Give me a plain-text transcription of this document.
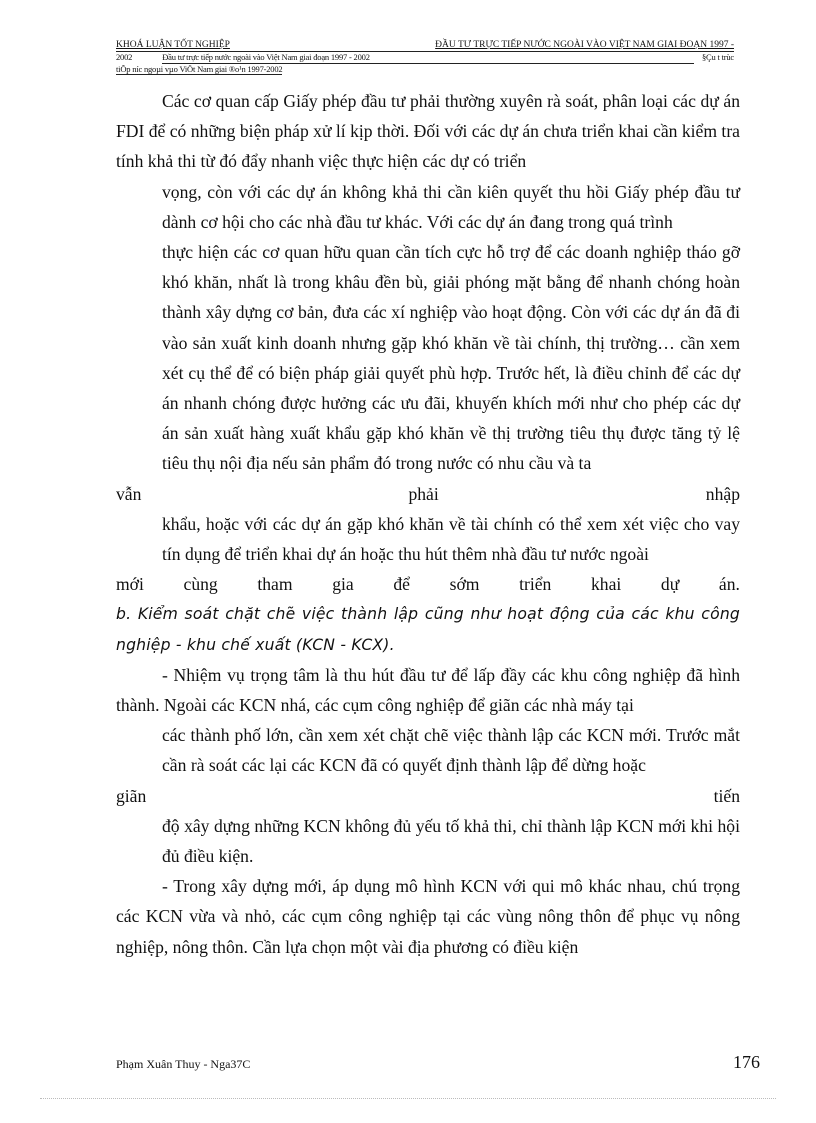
KHOÁ LUẬN TỐT NGHIỆP	ĐẦU TƯ TRỰC TIẾP NƯỚC NGOÀI VÀO VIỆT NAM GIAI ĐOẠN 1997 -
2002	Đầu tư trực tiếp nước ngoài vào Việt Nam giai đoạn 1997 - 2002	§Çu t trùc
tiÕp níc ngoµi vµo ViÖt Nam giai ®o¹n 1997-2002

Các cơ quan cấp Giấy phép đầu tư phải thường xuyên rà soát, phân loại các dự án FDI để có những biện pháp xử lí kịp thời. Đối với các dự án chưa triển khai cần kiểm tra tính khả thi từ đó đẩy nhanh việc thực hiện các dự có triển

vọng, còn với các dự án không khả thi cần kiên quyết thu hồi Giấy phép đầu tư dành cơ hội cho các nhà đầu tư khác. Với các dự án đang trong quá trình

thực hiện các cơ quan hữu quan cần tích cực hỗ trợ để các doanh nghiệp tháo gỡ khó khăn, nhất là trong khâu đền bù, giải phóng mặt bằng để nhanh chóng hoàn thành xây dựng cơ bản, đưa các xí nghiệp vào hoạt động. Còn với các dự án đã đi vào sản xuất kinh doanh nhưng gặp khó khăn về tài chính, thị trường… cần xem xét cụ thể để có biện pháp giải quyết phù hợp. Trước hết, là điều chỉnh để các dự án nhanh chóng được hưởng các ưu đãi, khuyến khích mới như cho phép các dự án sản xuất hàng xuất khẩu gặp khó khăn về thị trường tiêu thụ được tăng tỷ lệ tiêu thụ nội địa nếu sản phẩm đó trong nước có nhu cầu và ta

vẫn	phải	nhập

khẩu, hoặc với các dự án gặp khó khăn về tài chính có thể xem xét việc cho vay tín dụng để triển khai dự án hoặc thu hút thêm nhà đầu tư nước ngoài

mới cùng tham gia để sớm triển khai dự án.

b. Kiểm soát chặt chẽ việc thành lập cũng như hoạt động của các khu công nghiệp - khu chế xuất (KCN - KCX).

- Nhiệm vụ trọng tâm là thu hút đầu tư để lấp đầy các khu công nghiệp đã hình thành. Ngoài các KCN nhá, các cụm công nghiệp để giãn các nhà máy tại

các thành phố lớn, cần xem xét chặt chẽ việc thành lập các KCN mới. Trước mắt cần rà soát các lại các KCN đã có quyết định thành lập để dừng hoặc

giãn	tiến

độ xây dựng những KCN không đủ yếu tố khả thi, chỉ thành lập KCN mới khi hội đủ điều kiện.

- Trong xây dựng mới, áp dụng mô hình KCN với qui mô khác nhau, chú trọng các KCN vừa và nhỏ, các cụm công nghiệp tại các vùng nông thôn để phục vụ nông nghiệp, nông thôn. Cần lựa chọn một vài địa phương có điều kiện

Phạm Xuân Thuy - Nga37C	176
